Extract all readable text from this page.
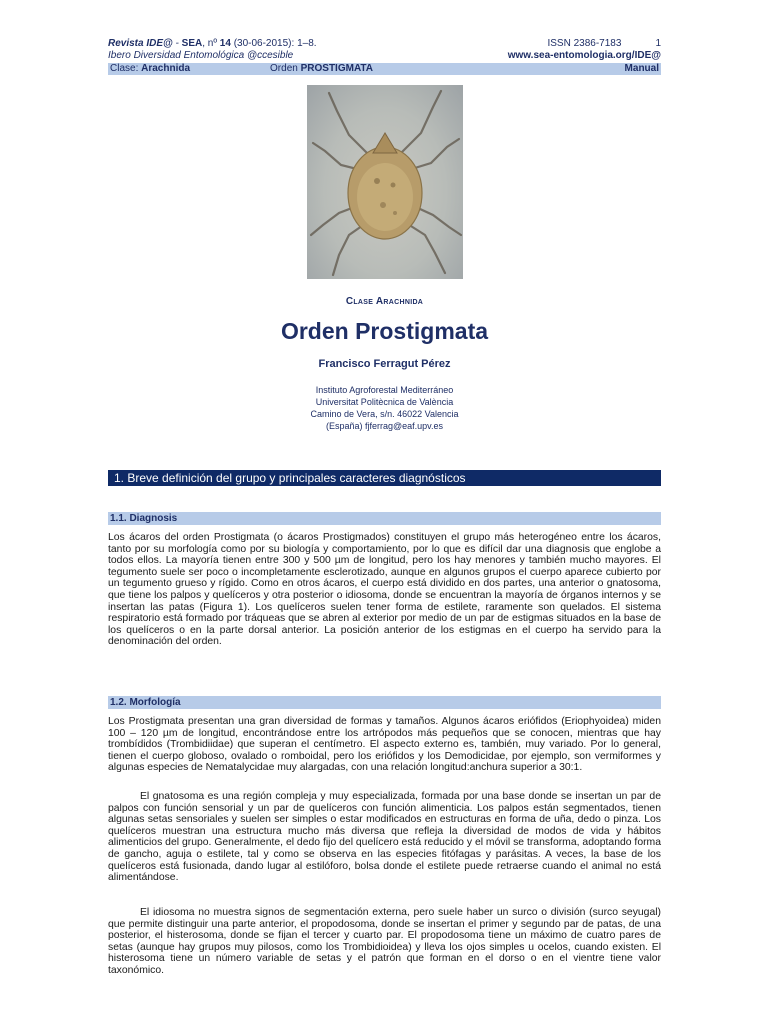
Revista IDE@ - SEA, nº 14 (30-06-2015): 1–8.	ISSN 2386-7183	1
Ibero Diversidad Entomológica @ccesible	www.sea-entomologia.org/IDE@
Clase: Arachnida	Orden PROSTIGMATA	Manual
Clase Arachnida
Orden Prostigmata
Francisco Ferragut Pérez
Instituto Agroforestal Mediterráneo
Universitat Politècnica de València
Camino de Vera, s/n. 46022 Valencia
(España) fjferrag@eaf.upv.es
1. Breve definición del grupo y principales caracteres diagnósticos
1.1. Diagnosis

Los ácaros del orden Prostigmata (o ácaros Prostigmados) constituyen el grupo más heterogéneo entre los ácaros, tanto por su morfología como por su biología y comportamiento, por lo que es difícil dar una diagnosis que englobe a todos ellos. La mayoría tienen entre 300 y 500 µm de longitud, pero los hay menores y también mucho mayores. El tegumento suele ser poco o incompletamente esclerotizado, aunque en algunos grupos el cuerpo aparece cubierto por un tegumento grueso y rígido. Como en otros ácaros, el cuerpo está dividido en dos partes, una anterior o gnatosoma, que tiene los palpos y quelíceros y otra posterior o idiosoma, donde se encuentran la mayoría de órganos internos y se insertan las patas (Figura 1). Los quelíceros suelen tener forma de estilete, raramente son quelados. El sistema respiratorio está formado por tráqueas que se abren al exterior por medio de un par de estigmas situados en la base de los quelíceros o en la parte dorsal anterior. La posición anterior de los estigmas en el cuerpo ha servido para la denominación del orden.

1.2. Morfología

Los Prostigmata presentan una gran diversidad de formas y tamaños. Algunos ácaros eriófidos (Eriophyoidea) miden 100 – 120 µm de longitud, encontrándose entre los artrópodos más pequeños que se conocen, mientras que hay trombídidos (Trombidiidae) que superan el centímetro. El aspecto externo es, también, muy variado. Por lo general, tienen el cuerpo globoso, ovalado o romboidal, pero los eriófidos y los Demodicidae, por ejemplo, son vermiformes y algunas especies de Nematalycidae muy alargadas, con una relación longitud:anchura superior a 30:1.

El gnatosoma es una región compleja y muy especializada, formada por una base donde se insertan un par de palpos con función sensorial y un par de quelíceros con función alimenticia. Los palpos están segmentados, tienen algunas setas sensoriales y suelen ser simples o estar modificados en estructuras en forma de uña, dedo o pinza. Los quelíceros muestran una estructura mucho más diversa que refleja la diversidad de modos de vida y hábitos alimenticios del grupo. Generalmente, el dedo fijo del quelícero está reducido y el móvil se transforma, adoptando forma de gancho, aguja o estilete, tal y como se observa en las especies fitófagas y parásitas. A veces, la base de los quelíceros está fusionada, dando lugar al estilóforo, bolsa donde el estilete puede retraerse cuando el animal no está alimentándose.

El idiosoma no muestra signos de segmentación externa, pero suele haber un surco o división (surco seyugal) que permite distinguir una parte anterior, el propodosoma, donde se insertan el primer y segundo par de patas, de una posterior, el histerosoma, donde se fijan el tercer y cuarto par. El propodosoma tiene un máximo de cuatro pares de setas (aunque hay grupos muy pilosos, como los Trombidioidea) y lleva los ojos simples u ocelos, cuando existen. El histerosoma tiene un número variable de setas y el patrón que forman en el dorso o en el vientre tiene valor taxonómico.
